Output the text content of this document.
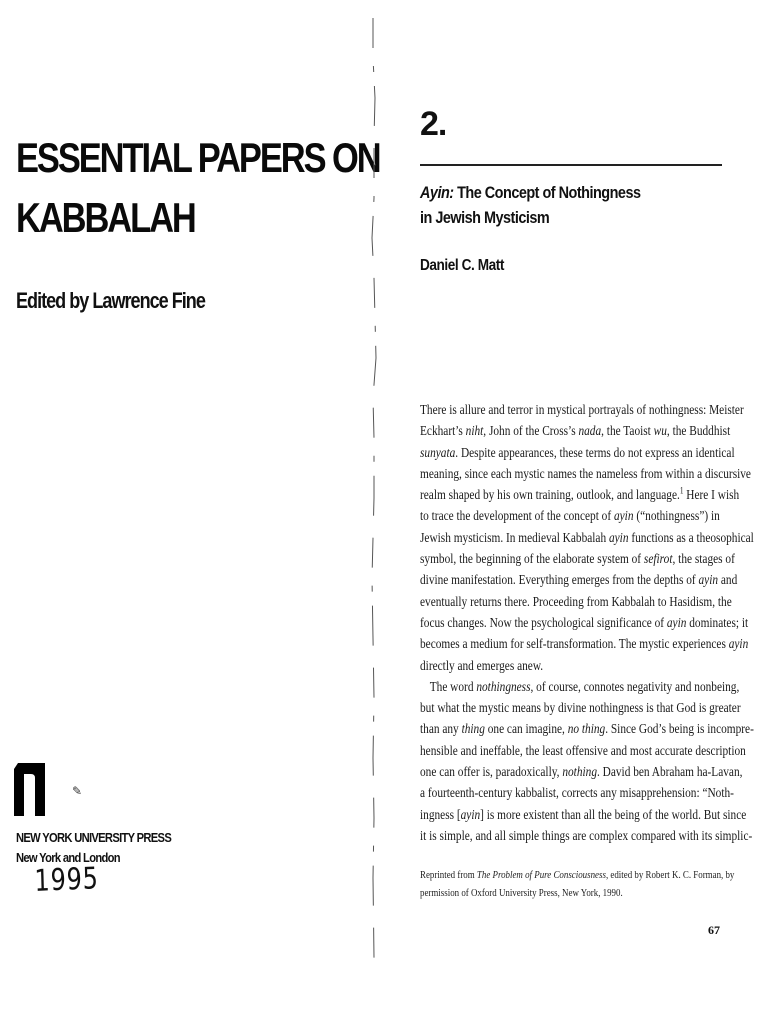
ESSENTIAL PAPERS ON
KABBALAH
Edited by Lawrence Fine
✎
NEW YORK UNIVERSITY PRESS
New York and London
1995
2.
Ayin: The Concept of Nothingness
in Jewish Mysticism
Daniel C. Matt
There is allure and terror in mystical portrayals of nothingness: Meister
Eckhart’s niht, John of the Cross’s nada, the Taoist wu, the Buddhist
sunyata. Despite appearances, these terms do not express an identical
meaning, since each mystic names the nameless from within a discursive
realm shaped by his own training, outlook, and language.$^1$ Here I wish
to trace the development of the concept of ayin (“nothingness”) in
Jewish mysticism. In medieval Kabbalah ayin functions as a theosophical
symbol, the beginning of the elaborate system of sefirot, the stages of
divine manifestation. Everything emerges from the depths of ayin and
eventually returns there. Proceeding from Kabbalah to Hasidism, the
focus changes. Now the psychological significance of ayin dominates; it
becomes a medium for self-transformation. The mystic experiences ayin
directly and emerges anew.
The word nothingness, of course, connotes negativity and nonbeing,
but what the mystic means by divine nothingness is that God is greater
than any thing one can imagine, no thing. Since God’s being is incompre-
hensible and ineffable, the least offensive and most accurate description
one can offer is, paradoxically, nothing. David ben Abraham ha-Lavan,
a fourteenth-century kabbalist, corrects any misapprehension: “Noth-
ingness [ayin] is more existent than all the being of the world. But since
it is simple, and all simple things are complex compared with its simplic-
Reprinted from The Problem of Pure Consciousness, edited by Robert K. C. Forman, by
permission of Oxford University Press, New York, 1990.
67
